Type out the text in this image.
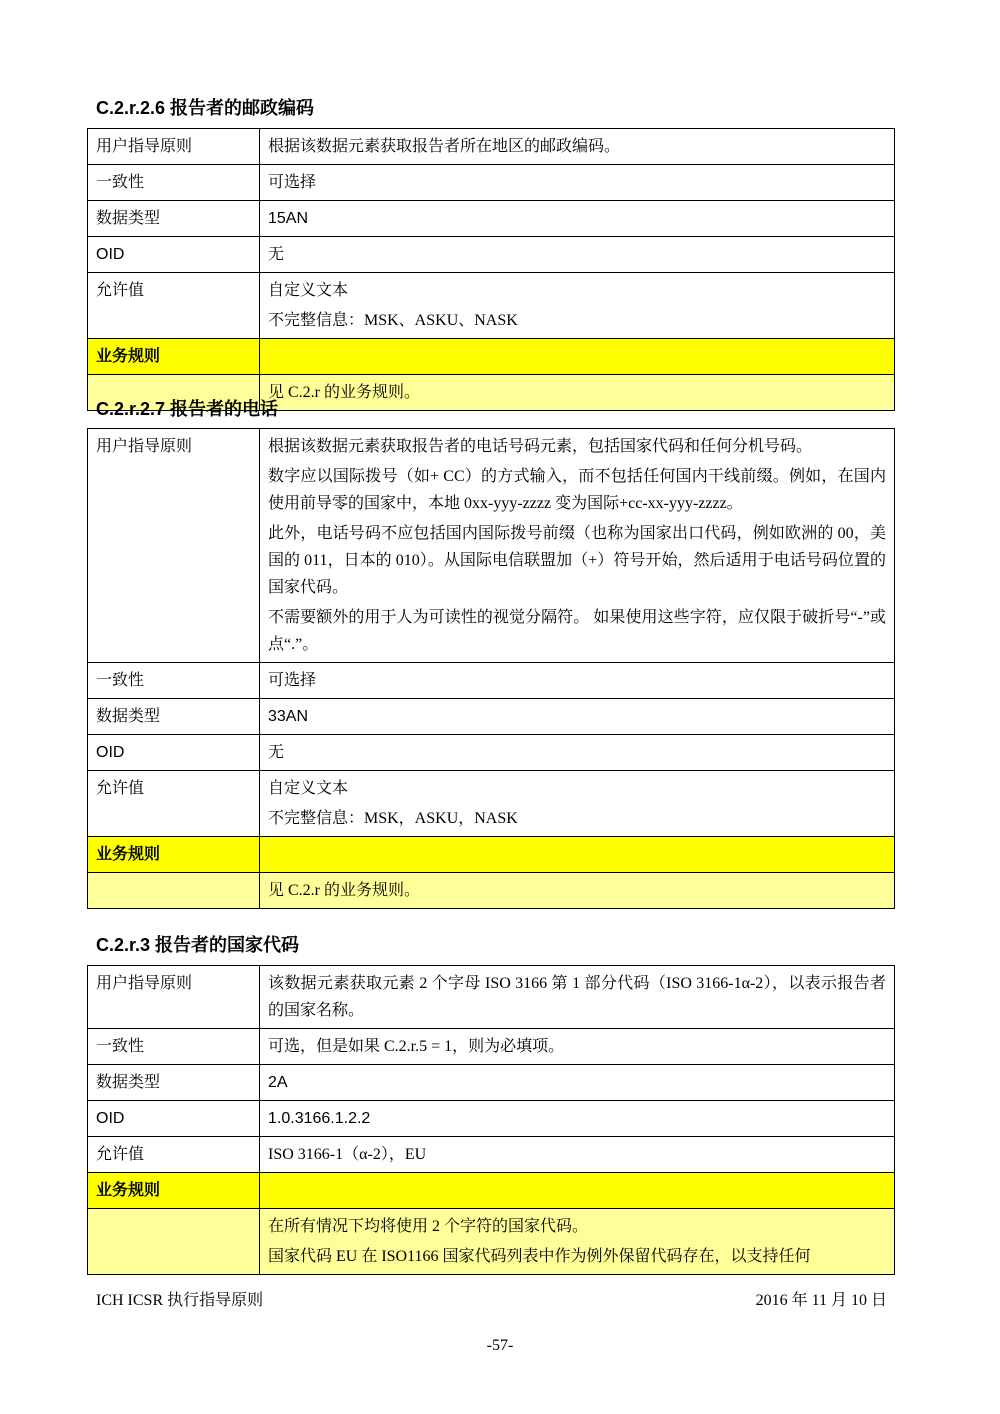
C.2.r.2.6 报告者的邮政编码
用户指导原则	根据该数据元素获取报告者所在地区的邮政编码。

一致性	可选择

数据类型	15AN

OID	无

允许值	自定义文本

不完整信息：MSK、ASKU、NASK

业务规则	

	见 C.2.r 的业务规则。

C.2.r.2.7 报告者的电话
用户指导原则	根据该数据元素获取报告者的电话号码元素，包括国家代码和任何分机号码。

数字应以国际拨号（如+ CC）的方式输入，而不包括任何国内干线前缀。例如，在国内使用前导零的国家中，本地 0xx-yyy-zzzz 变为国际+cc-xx-yyy-zzzz。

此外，电话号码不应包括国内国际拨号前缀（也称为国家出口代码，例如欧洲的 00，美国的 011，日本的 010）。从国际电信联盟加（+）符号开始，然后适用于电话号码位置的国家代码。

不需要额外的用于人为可读性的视觉分隔符。 如果使用这些字符，应仅限于破折号“-”或点“.”。

一致性	可选择

数据类型	33AN

OID	无

允许值	自定义文本

不完整信息：MSK，ASKU，NASK

业务规则	

	见 C.2.r 的业务规则。

C.2.r.3 报告者的国家代码
用户指导原则	该数据元素获取元素 2 个字母 ISO 3166 第 1 部分代码（ISO 3166-1α-2），以表示报告者的国家名称。

一致性	可选，但是如果 C.2.r.5 = 1，则为必填项。

数据类型	2A

OID	1.0.3166.1.2.2

允许值	ISO 3166-1（α-2），EU

业务规则	

	在所有情况下均将使用 2 个字符的国家代码。

国家代码 EU 在 ISO1166 国家代码列表中作为例外保留代码存在，以支持任何

ICH ICSR 执行指导原则	2016 年 11 月 10 日
-57-
